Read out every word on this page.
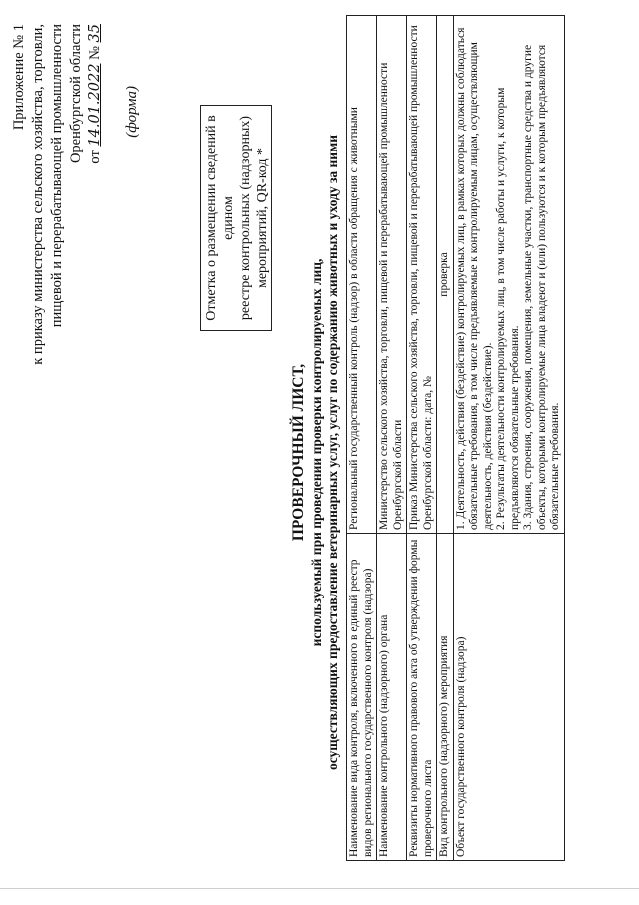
Приложение № 1 к приказу министерства сельского хозяйства, торговли, пищевой и перерабатывающей промышленности Оренбургской области от 14.01.2022 № 35
(форма)
Отметка о размещении сведений в едином реестре контрольных (надзорных) мероприятий, QR-код *
ПРОВЕРОЧНЫЙ ЛИСТ, используемый при проведении проверки контролируемых лиц, осуществляющих предоставление ветеринарных услуг, услуг по содержанию животных и уходу за ними Наименование вида контроля, включенного в единый реестр видов регионального государственного контроля (надзора)	Региональный государственный контроль (надзор) в области обращения с животными
Наименование контрольного (надзорного) органа	Министерство сельского хозяйства, торговли, пищевой и перерабатывающей промышленности Оренбургской области
Реквизиты нормативного правового акта об утверждении формы проверочного листа	Приказ Министерства сельского хозяйства, торговли, пищевой и перерабатывающей промышленности Оренбургской области: дата, №
Вид контрольного (надзорного) мероприятия	проверка
Объект государственного контроля (надзора)	1. Деятельность, действия (бездействие) контролируемых лиц, в рамках которых должны соблюдаться обязательные требования, в том числе предъявляемые к контролируемым лицам, осуществляющим деятельность, действия (бездействие). 2. Результаты деятельности контролируемых лиц, в том числе работы и услуги, к которым предъявляются обязательные требования. 3. Здания, строения, сооружения, помещения, земельные участки, транспортные средства и другие объекты, которыми контролируемые лица владеют и (или) пользуются и к которым предъявляются обязательные требования.
